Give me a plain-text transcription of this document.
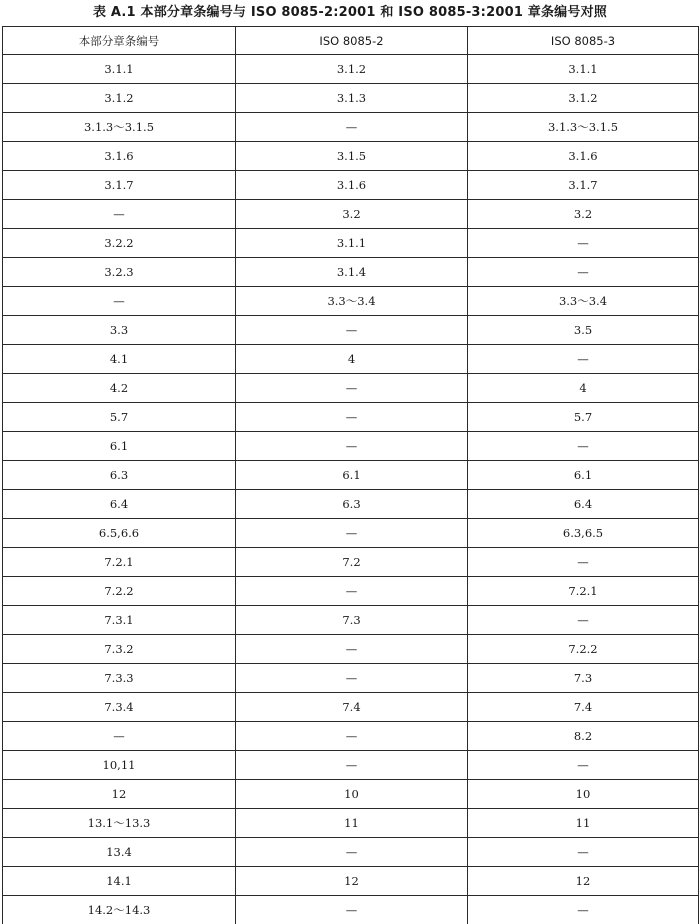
表 A.1 本部分章条编号与 ISO 8085-2:2001 和 ISO 8085-3:2001 章条编号对照
本部分章条编号	ISO 8085-2	ISO 8085-3
3.1.1	3.1.2	3.1.1
3.1.2	3.1.3	3.1.2
3.1.3～3.1.5	—	3.1.3～3.1.5
3.1.6	3.1.5	3.1.6
3.1.7	3.1.6	3.1.7
—	3.2	3.2
3.2.2	3.1.1	—
3.2.3	3.1.4	—
—	3.3～3.4	3.3～3.4
3.3	—	3.5
4.1	4	—
4.2	—	4
5.7	—	5.7
6.1	—	—
6.3	6.1	6.1
6.4	6.3	6.4
6.5,6.6	—	6.3,6.5
7.2.1	7.2	—
7.2.2	—	7.2.1
7.3.1	7.3	—
7.3.2	—	7.2.2
7.3.3	—	7.3
7.3.4	7.4	7.4
—	—	8.2
10,11	—	—
12	10	10
13.1～13.3	11	11
13.4	—	—
14.1	12	12
14.2～14.3	—	—
